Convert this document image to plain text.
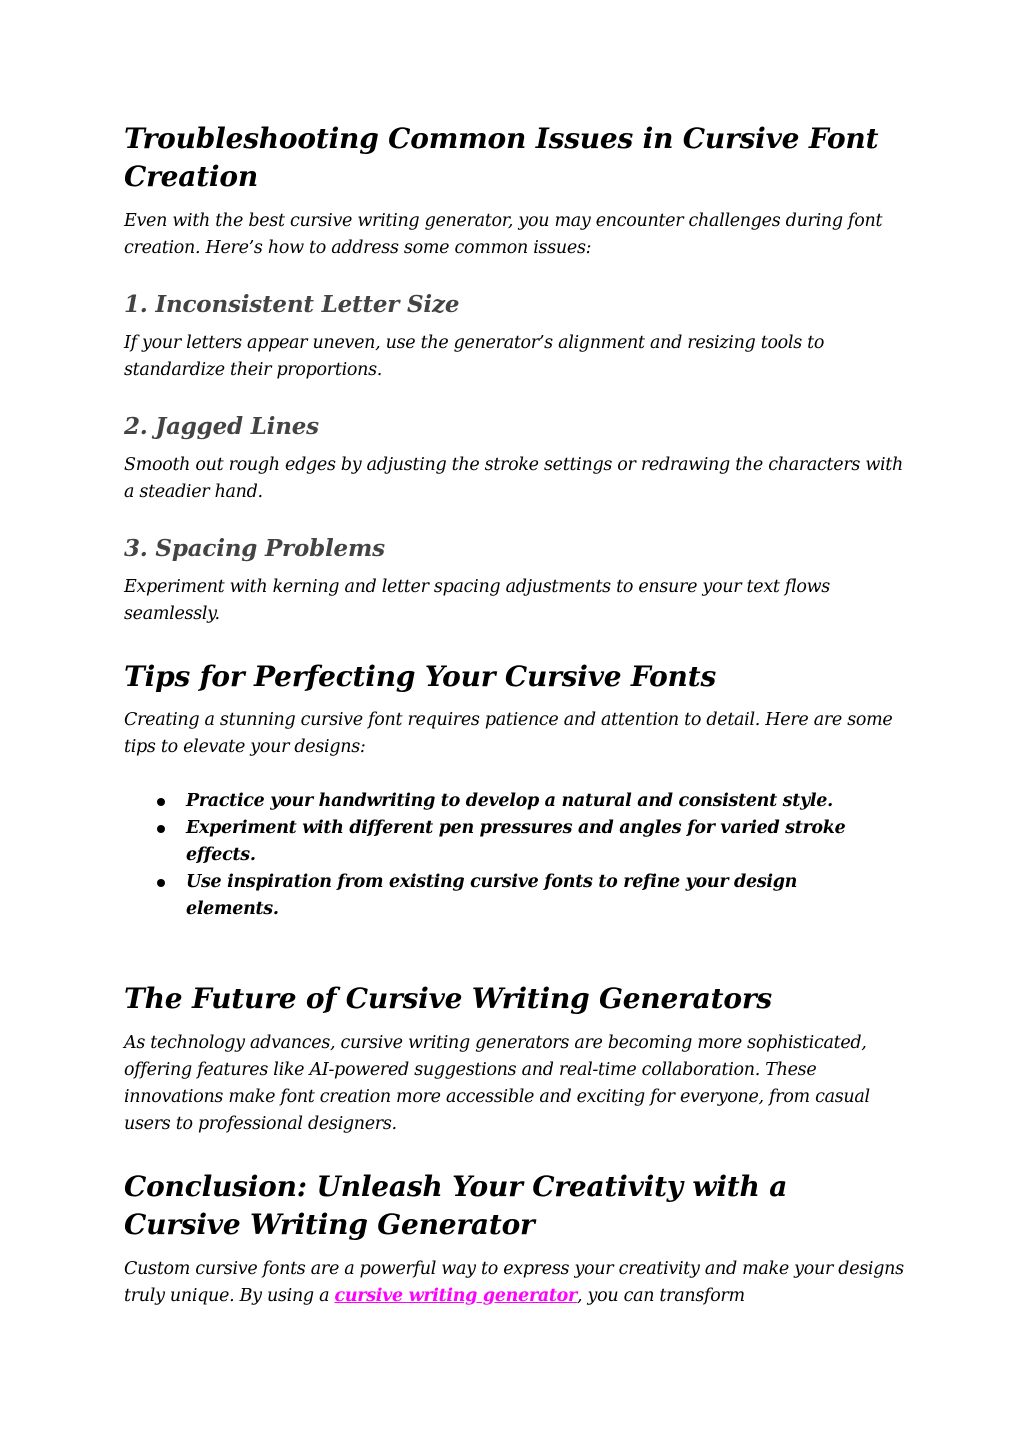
Troubleshooting Common Issues in Cursive Font Creation

Even with the best cursive writing generator, you may encounter challenges during font creation. Here’s how to address some common issues:

1. Inconsistent Letter Size

If your letters appear uneven, use the generator’s alignment and resizing tools to standardize their proportions.

2. Jagged Lines

Smooth out rough edges by adjusting the stroke settings or redrawing the characters with a steadier hand.

3. Spacing Problems

Experiment with kerning and letter spacing adjustments to ensure your text flows seamlessly.

Tips for Perfecting Your Cursive Fonts

Creating a stunning cursive font requires patience and attention to detail. Here are some tips to elevate your designs:

Practice your handwriting to develop a natural and consistent style.
Experiment with different pen pressures and angles for varied stroke effects.
Use inspiration from existing cursive fonts to refine your design elements.
The Future of Cursive Writing Generators

As technology advances, cursive writing generators are becoming more sophisticated, offering features like AI-powered suggestions and real-time collaboration. These innovations make font creation more accessible and exciting for everyone, from casual users to professional designers.

Conclusion: Unleash Your Creativity with a Cursive Writing Generator

Custom cursive fonts are a powerful way to express your creativity and make your designs truly unique. By using a cursive writing generator, you can transform
